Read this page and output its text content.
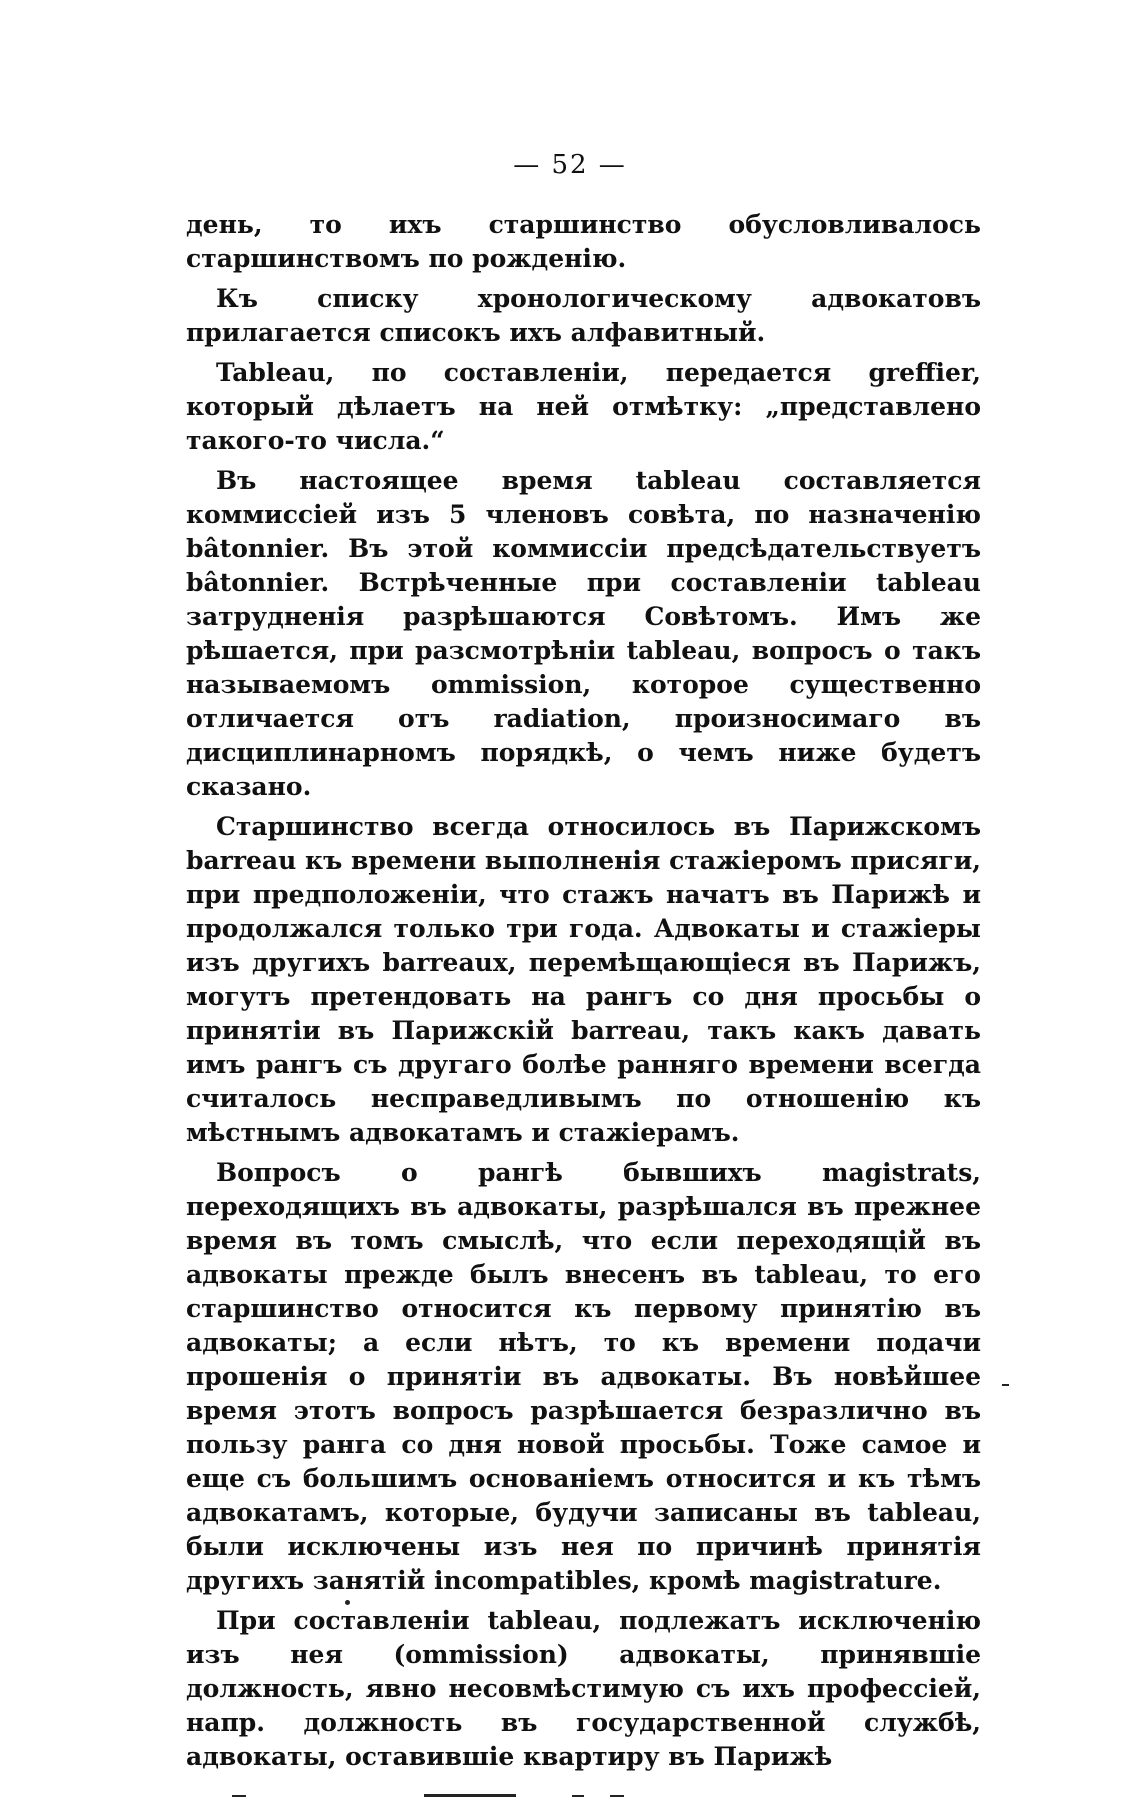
— 52 —

день, то ихъ старшинство обусловливалось старшинствомъ по рожденію.

Къ списку хронологическому адвокатовъ прилагается списокъ ихъ алфавитный.

Tableau, по составленіи, передается greffier, который дѣлаетъ на ней отмѣтку: „представлено такого-то числа.“

Въ настоящее время tableau составляется коммиссіей изъ 5 членовъ совѣта, по назначенію bâtonnier. Въ этой коммиссіи предсѣдательствуетъ bâtonnier. Встрѣченные при составленіи tableau затрудненія разрѣшаются Совѣтомъ. Имъ же рѣшается, при разсмотрѣніи tableau, вопросъ о такъ называемомъ ommission, которое существенно отличается отъ radiation, произносимаго въ дисциплинарномъ порядкѣ, о чемъ ниже будетъ сказано.

Старшинство всегда относилось въ Парижскомъ barreau къ времени выполненія стажіеромъ присяги, при предположеніи, что стажъ начатъ въ Парижѣ и продолжался только три года. Адвокаты и стажіеры изъ другихъ barreaux, перемѣщающіеся въ Парижъ, могутъ претендовать на рангъ со дня просьбы о принятіи въ Парижскій barreau, такъ какъ давать имъ рангъ съ другаго болѣе ранняго времени всегда считалось несправедливымъ по отношенію къ мѣстнымъ адвокатамъ и стажіерамъ.

Вопросъ о рангѣ бывшихъ magistrats, переходящихъ въ адвокаты, разрѣшался въ прежнее время въ томъ смыслѣ, что если переходящій въ адвокаты прежде былъ внесенъ въ tableau, то его старшинство относится къ первому принятію въ адвокаты; а если нѣтъ, то къ времени подачи прошенія о принятіи въ адвокаты. Въ новѣйшее время этотъ вопросъ разрѣшается безразлично въ пользу ранга со дня новой просьбы. Тоже самое и еще съ большимъ основаніемъ относится и къ тѣмъ адвокатамъ, которые, будучи записаны въ tableau, были исключены изъ нея по причинѣ принятія другихъ занятій incompatibles, кромѣ magistrature.

При составленіи tableau, подлежатъ исключенію изъ нея (ommission) адвокаты, принявшіе должность, явно несовмѣстимую съ ихъ профессіей, напр. должность въ государственной службѣ, адвокаты, оставившіе квартиру въ Парижѣ
